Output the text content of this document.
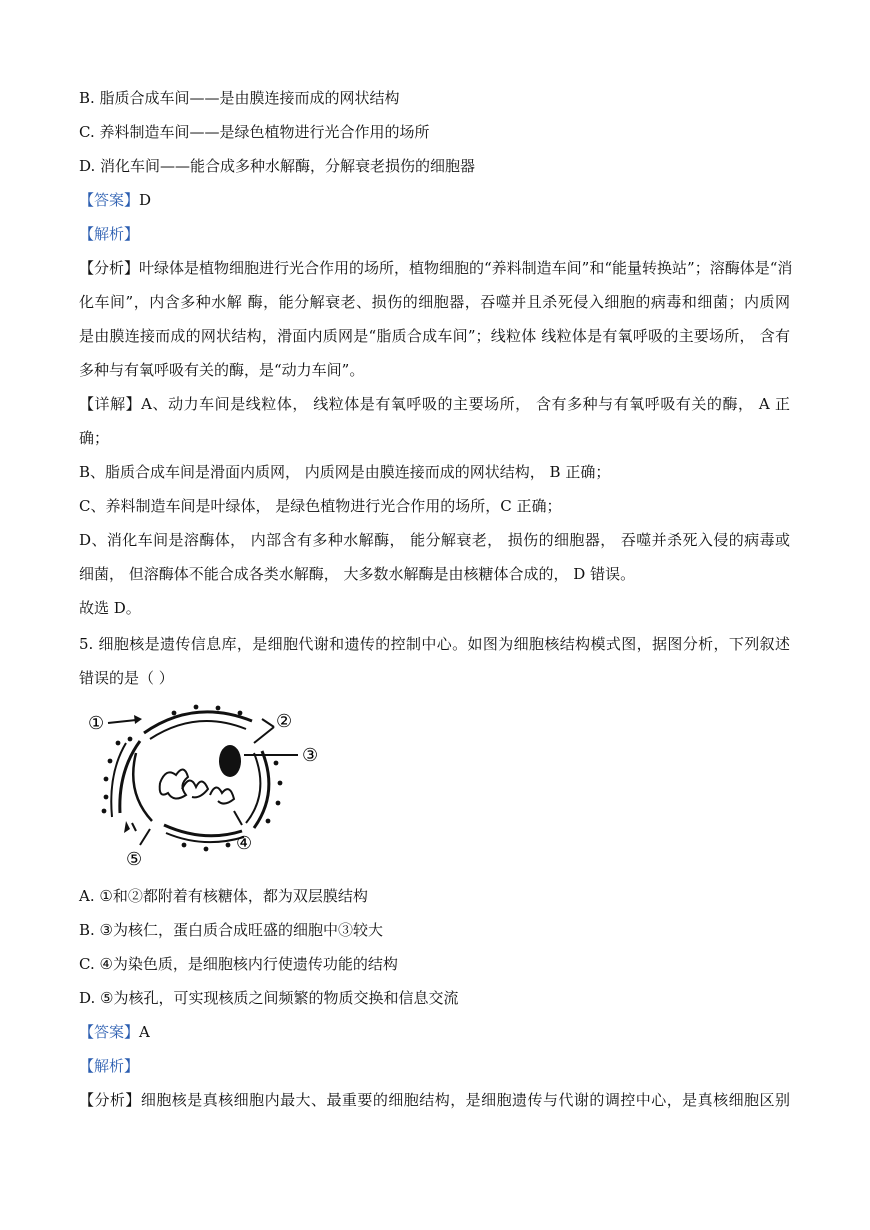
B. 脂质合成车间——是由膜连接而成的网状结构
C. 养料制造车间——是绿色植物进行光合作用的场所
D. 消化车间——能合成多种水解酶，分解衰老损伤的细胞器
【答案】D
【解析】
【分析】叶绿体是植物细胞进行光合作用的场所，植物细胞的“养料制造车间”和“能量转换站”；溶酶体是“消
化车间”，内含多种水解 酶，能分解衰老、损伤的细胞器，吞噬并且杀死侵入细胞的病毒和细菌；内质网
是由膜连接而成的网状结构，滑面内质网是“脂质合成车间”；线粒体 线粒体是有氧呼吸的主要场所， 含有
多种与有氧呼吸有关的酶，是“动力车间”。
【详解】A、动力车间是线粒体， 线粒体是有氧呼吸的主要场所， 含有多种与有氧呼吸有关的酶， A 正
确；
B、脂质合成车间是滑面内质网， 内质网是由膜连接而成的网状结构， B 正确；
C、养料制造车间是叶绿体， 是绿色植物进行光合作用的场所，C 正确；
D、消化车间是溶酶体， 内部含有多种水解酶， 能分解衰老， 损伤的细胞器， 吞噬并杀死入侵的病毒或
细菌， 但溶酶体不能合成各类水解酶， 大多数水解酶是由核糖体合成的， D 错误。
故选 D。
5. 细胞核是遗传信息库，是细胞代谢和遗传的控制中心。如图为细胞核结构模式图，据图分析，下列叙述
错误的是（ ）
①	②
③
④
⑤
A. ①和②都附着有核糖体，都为双层膜结构
B. ③为核仁，蛋白质合成旺盛的细胞中③较大
C. ④为染色质，是细胞核内行使遗传功能的结构
D. ⑤为核孔，可实现核质之间频繁的物质交换和信息交流
【答案】A
【解析】
【分析】细胞核是真核细胞内最大、最重要的细胞结构，是细胞遗传与代谢的调控中心，是真核细胞区别
